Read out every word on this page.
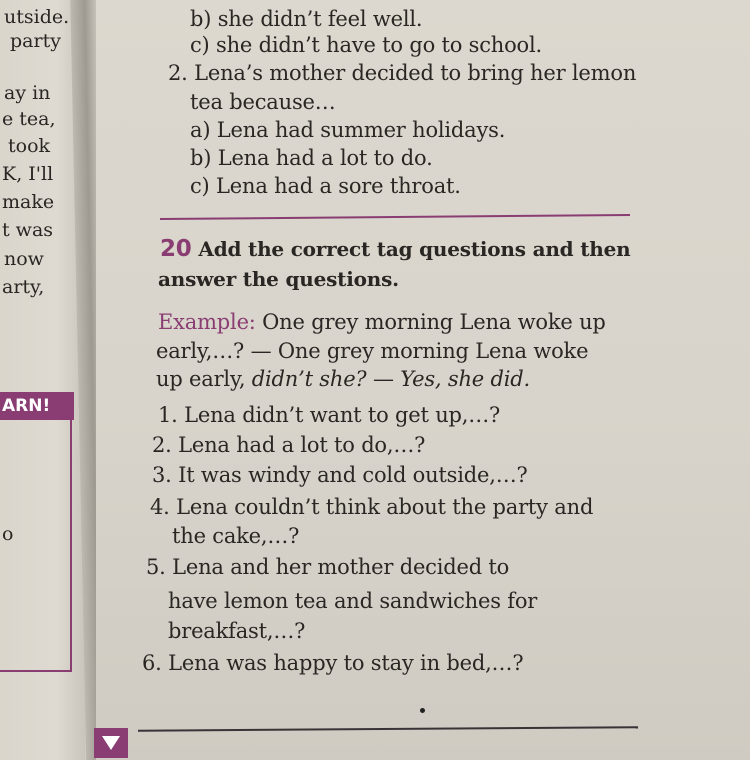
utside.
party
ay in
e tea,
took
K, I'll
make
t was
now
arty,
ARN!
o
b) she didn’t feel well.
c) she didn’t have to go to school.
2. Lena’s mother decided to bring her lemon
tea because…
a) Lena had summer holidays.
b) Lena had a lot to do.
c) Lena had a sore throat.
20 Add the correct tag questions and then
answer the questions.
Example: One grey morning Lena woke up
early,…? — One grey morning Lena woke
up early, didn’t she? — Yes, she did.
1. Lena didn’t want to get up,…?
2. Lena had a lot to do,…?
3. It was windy and cold outside,…?
4. Lena couldn’t think about the party and
the cake,…?
5. Lena and her mother decided to
have lemon tea and sandwiches for
breakfast,…?
6. Lena was happy to stay in bed,…?
